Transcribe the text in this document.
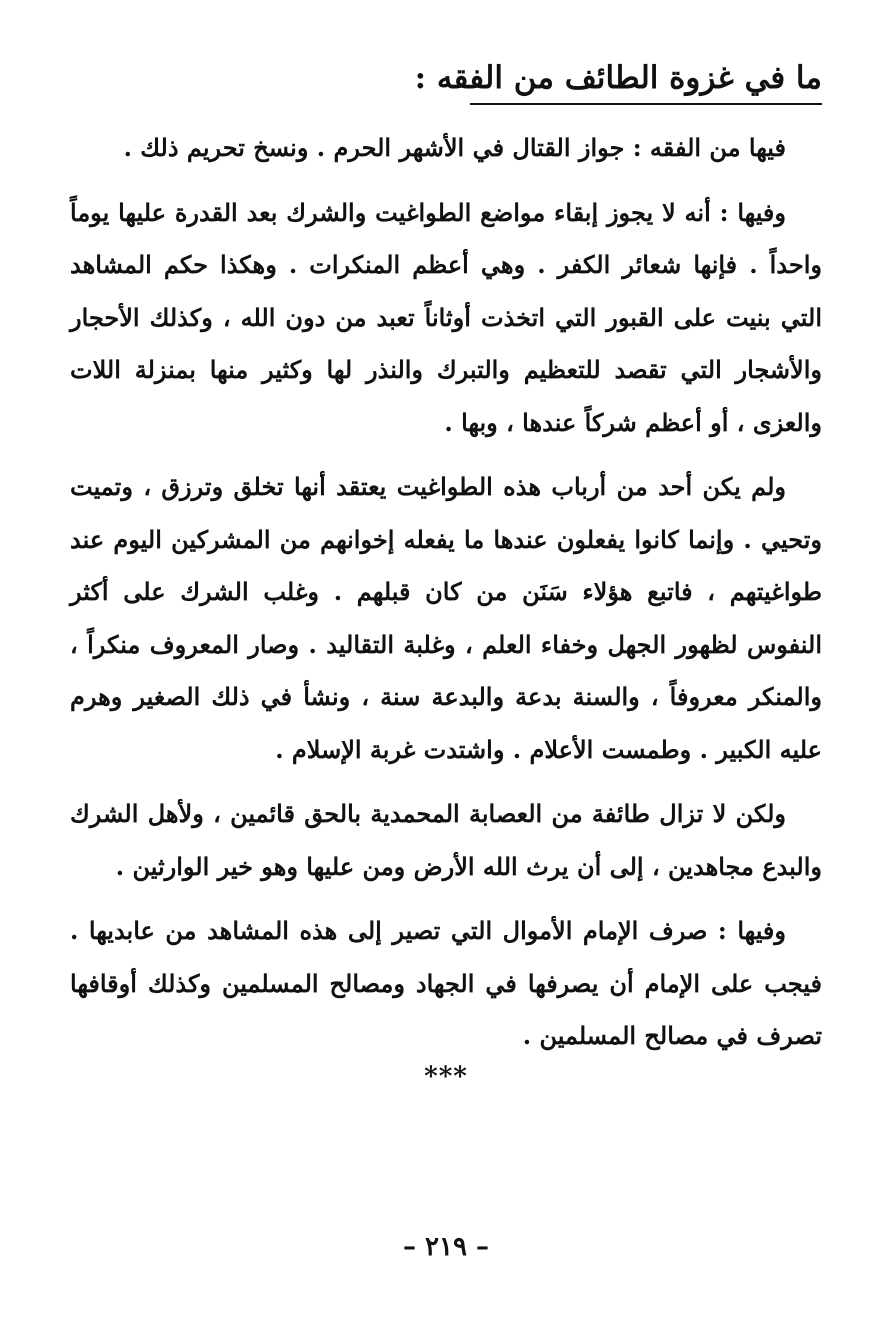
ما في غزوة الطائف من الفقه :

فيها من الفقه : جواز القتال في الأشهر الحرم . ونسخ تحريم ذلك .

وفيها : أنه لا يجوز إبقاء مواضع الطواغيت والشرك بعد القدرة عليها يوماً واحداً . فإنها شعائر الكفر . وهي أعظم المنكرات . وهكذا حكم المشاهد التي بنيت على القبور التي اتخذت أوثاناً تعبد من دون الله ، وكذلك الأحجار والأشجار التي تقصد للتعظيم والتبرك والنذر لها وكثير منها بمنزلة اللات والعزى ، أو أعظم شركاً عندها ، وبها .

ولم يكن أحد من أرباب هذه الطواغيت يعتقد أنها تخلق وترزق ، وتميت وتحيي . وإنما كانوا يفعلون عندها ما يفعله إخوانهم من المشركين اليوم عند طواغيتهم ، فاتبع هؤلاء سَنَن من كان قبلهم . وغلب الشرك على أكثر النفوس لظهور الجهل وخفاء العلم ، وغلبة التقاليد . وصار المعروف منكراً ، والمنكر معروفاً ، والسنة بدعة والبدعة سنة ، ونشأ في ذلك الصغير وهرم عليه الكبير . وطمست الأعلام . واشتدت غربة الإسلام .

ولكن لا تزال طائفة من العصابة المحمدية بالحق قائمين ، ولأهل الشرك والبدع مجاهدين ، إلى أن يرث الله الأرض ومن عليها وهو خير الوارثين .

وفيها : صرف الإمام الأموال التي تصير إلى هذه المشاهد من عابديها . فيجب على الإمام أن يصرفها في الجهاد ومصالح المسلمين وكذلك أوقافها تصرف في مصالح المسلمين .

***
– ٢١٩ –
